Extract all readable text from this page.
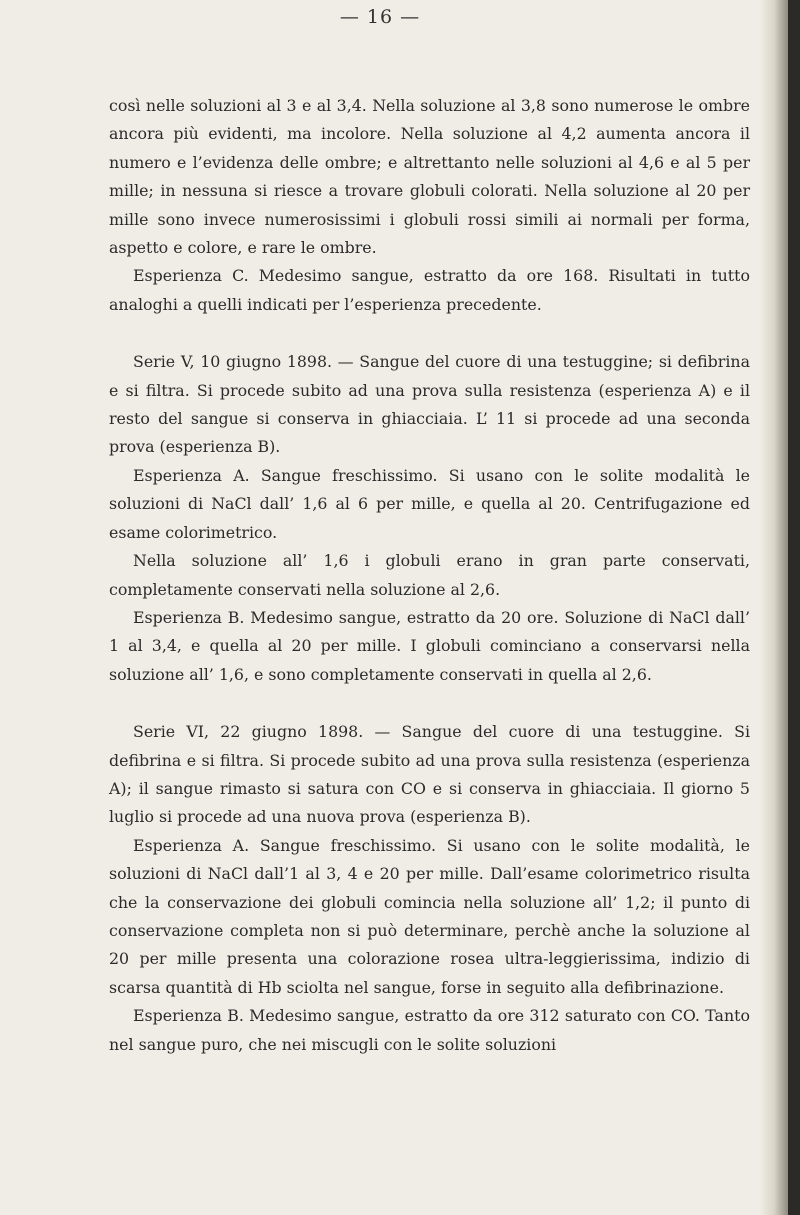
— 16 —

così nelle soluzioni al 3 e al 3,4. Nella soluzione al 3,8 sono numerose le ombre ancora più evidenti, ma incolore. Nella soluzione al 4,2 aumenta ancora il numero e l’evidenza delle ombre; e altrettanto nelle soluzioni al 4,6 e al 5 per mille; in nessuna si riesce a trovare globuli colorati. Nella soluzione al 20 per mille sono invece numerosissimi i globuli rossi simili ai normali per forma, aspetto e colore, e rare le ombre.

Esperienza C. Medesimo sangue, estratto da ore 168. Risultati in tutto analoghi a quelli indicati per l’esperienza precedente.

Serie V, 10 giugno 1898. — Sangue del cuore di una testuggine; si defibrina e si filtra. Si procede subito ad una prova sulla resistenza (esperienza A) e il resto del sangue si conserva in ghiacciaia. L’ 11 si procede ad una seconda prova (esperienza B).

Esperienza A. Sangue freschissimo. Si usano con le solite modalità le soluzioni di NaCl dall’ 1,6 al 6 per mille, e quella al 20. Centrifugazione ed esame colorimetrico.

Nella soluzione all’ 1,6 i globuli erano in gran parte conservati, completamente conservati nella soluzione al 2,6.

Esperienza B. Medesimo sangue, estratto da 20 ore. Soluzione di NaCl dall’ 1 al 3,4, e quella al 20 per mille. I globuli cominciano a conservarsi nella soluzione all’ 1,6, e sono completamente conservati in quella al 2,6.

Serie VI, 22 giugno 1898. — Sangue del cuore di una testuggine. Si defibrina e si filtra. Si procede subito ad una prova sulla resistenza (esperienza A); il sangue rimasto si satura con CO e si conserva in ghiacciaia. Il giorno 5 luglio si procede ad una nuova prova (esperienza B).

Esperienza A. Sangue freschissimo. Si usano con le solite modalità, le soluzioni di NaCl dall’1 al 3, 4 e 20 per mille. Dall’esame colorimetrico risulta che la conservazione dei globuli comincia nella soluzione all’ 1,2; il punto di conservazione completa non si può determinare, perchè anche la soluzione al 20 per mille presenta una colorazione rosea ultra-leggierissima, indizio di scarsa quantità di Hb sciolta nel sangue, forse in seguito alla defibrinazione.

Esperienza B. Medesimo sangue, estratto da ore 312 saturato con CO. Tanto nel sangue puro, che nei miscugli con le solite soluzioni
